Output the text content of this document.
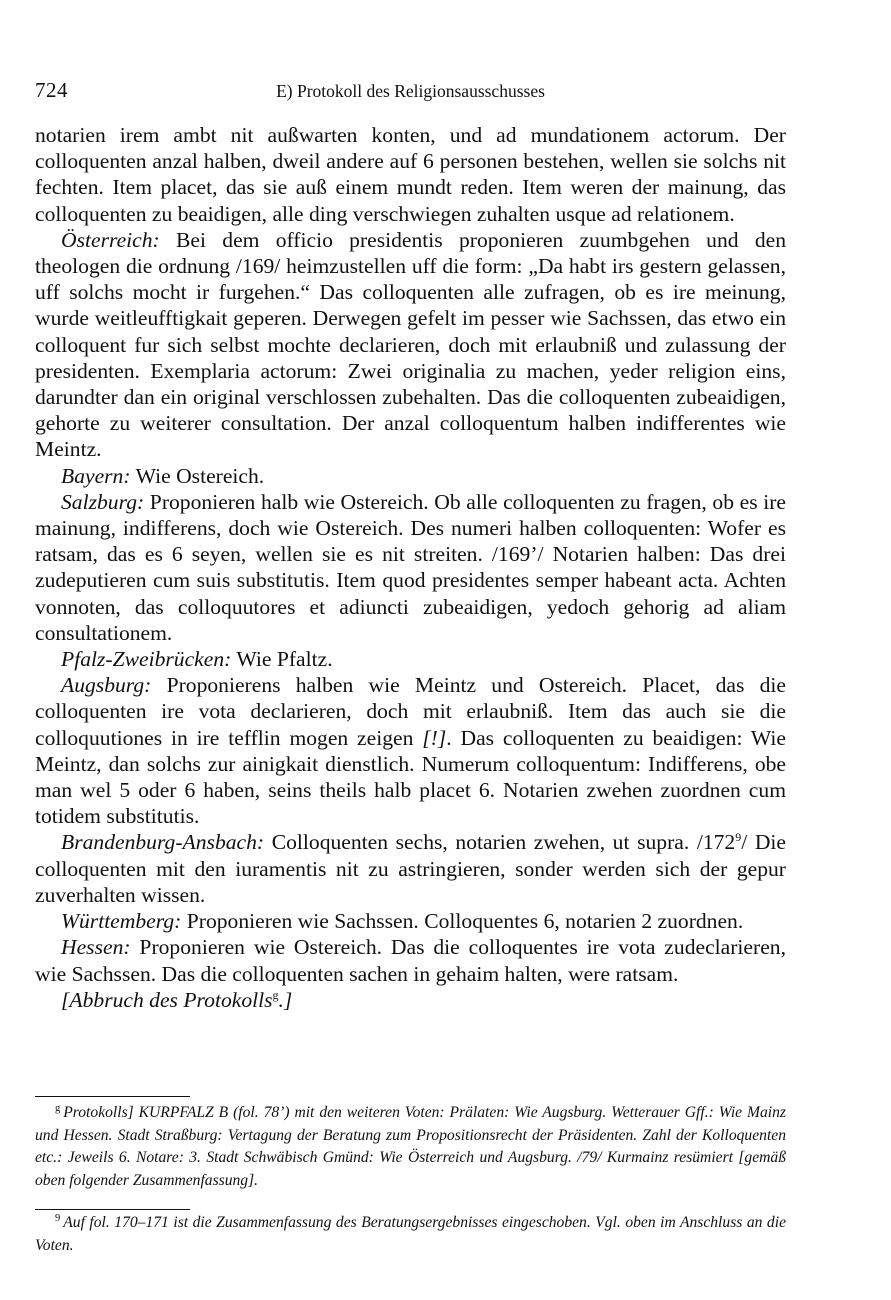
724	E) Protokoll des Religionsausschusses

notarien irem ambt nit außwarten konten, und ad mundationem actorum. Der colloquenten anzal halben, dweil andere auf 6 personen bestehen, wellen sie solchs nit fechten. Item placet, das sie auß einem mundt reden. Item weren der mainung, das colloquenten zu beaidigen, alle ding verschwiegen zuhalten usque ad relationem.

Österreich: Bei dem officio presidentis proponieren zuumbgehen und den theologen die ordnung /169/ heimzustellen uff die form: „Da habt irs gestern gelassen, uff solchs mocht ir furgehen.“ Das colloquenten alle zufragen, ob es ire meinung, wurde weitleufftigkait geperen. Derwegen gefelt im pesser wie Sachssen, das etwo ein colloquent fur sich selbst mochte declarieren, doch mit erlaubniß und zulassung der presidenten. Exemplaria actorum: Zwei originalia zu machen, yeder religion eins, darundter dan ein original verschlossen zubehalten. Das die colloquenten zubeaidigen, gehorte zu weiterer consultation. Der anzal colloquentum halben indifferentes wie Meintz.

Bayern: Wie Ostereich.

Salzburg: Proponieren halb wie Ostereich. Ob alle colloquenten zu fragen, ob es ire mainung, indifferens, doch wie Ostereich. Des numeri halben colloquenten: Wofer es ratsam, das es 6 seyen, wellen sie es nit streiten. /169’/ Notarien halben: Das drei zudeputieren cum suis substitutis. Item quod presidentes semper habeant acta. Achten vonnoten, das colloquutores et adiuncti zubeaidigen, yedoch gehorig ad aliam consultationem.

Pfalz-Zweibrücken: Wie Pfaltz.

Augsburg: Proponierens halben wie Meintz und Ostereich. Placet, das die colloquenten ire vota declarieren, doch mit erlaubniß. Item das auch sie die colloquutiones in ire tefflin mogen zeigen [!]. Das colloquenten zu beaidigen: Wie Meintz, dan solchs zur ainigkait dienstlich. Numerum colloquentum: Indifferens, obe man wel 5 oder 6 haben, seins theils halb placet 6. Notarien zwehen zuordnen cum totidem substitutis.

Brandenburg-Ansbach: Colloquenten sechs, notarien zwehen, ut supra. /172$^9$/ Die colloquenten mit den iuramentis nit zu astringieren, sonder werden sich der gepur zuverhalten wissen.

Württemberg: Proponieren wie Sachssen. Colloquentes 6, notarien 2 zuordnen.

Hessen: Proponieren wie Ostereich. Das die colloquentes ire vota zudeclarieren, wie Sachssen. Das die colloquenten sachen in gehaim halten, were ratsam.

[Abbruch des Protokolls$^g$.]

$^g$ Protokolls] KURPFALZ B (fol. 78’) mit den weiteren Voten: Prälaten: Wie Augsburg. Wetterauer Gff.: Wie Mainz und Hessen. Stadt Straßburg: Vertagung der Beratung zum Propositionsrecht der Präsidenten. Zahl der Kolloquenten etc.: Jeweils 6. Notare: 3. Stadt Schwäbisch Gmünd: Wie Österreich und Augsburg. /79/ Kurmainz resümiert [gemäß oben folgender Zusammenfassung].
$^9$ Auf fol. 170–171 ist die Zusammenfassung des Beratungsergebnisses eingeschoben. Vgl. oben im Anschluss an die Voten.
